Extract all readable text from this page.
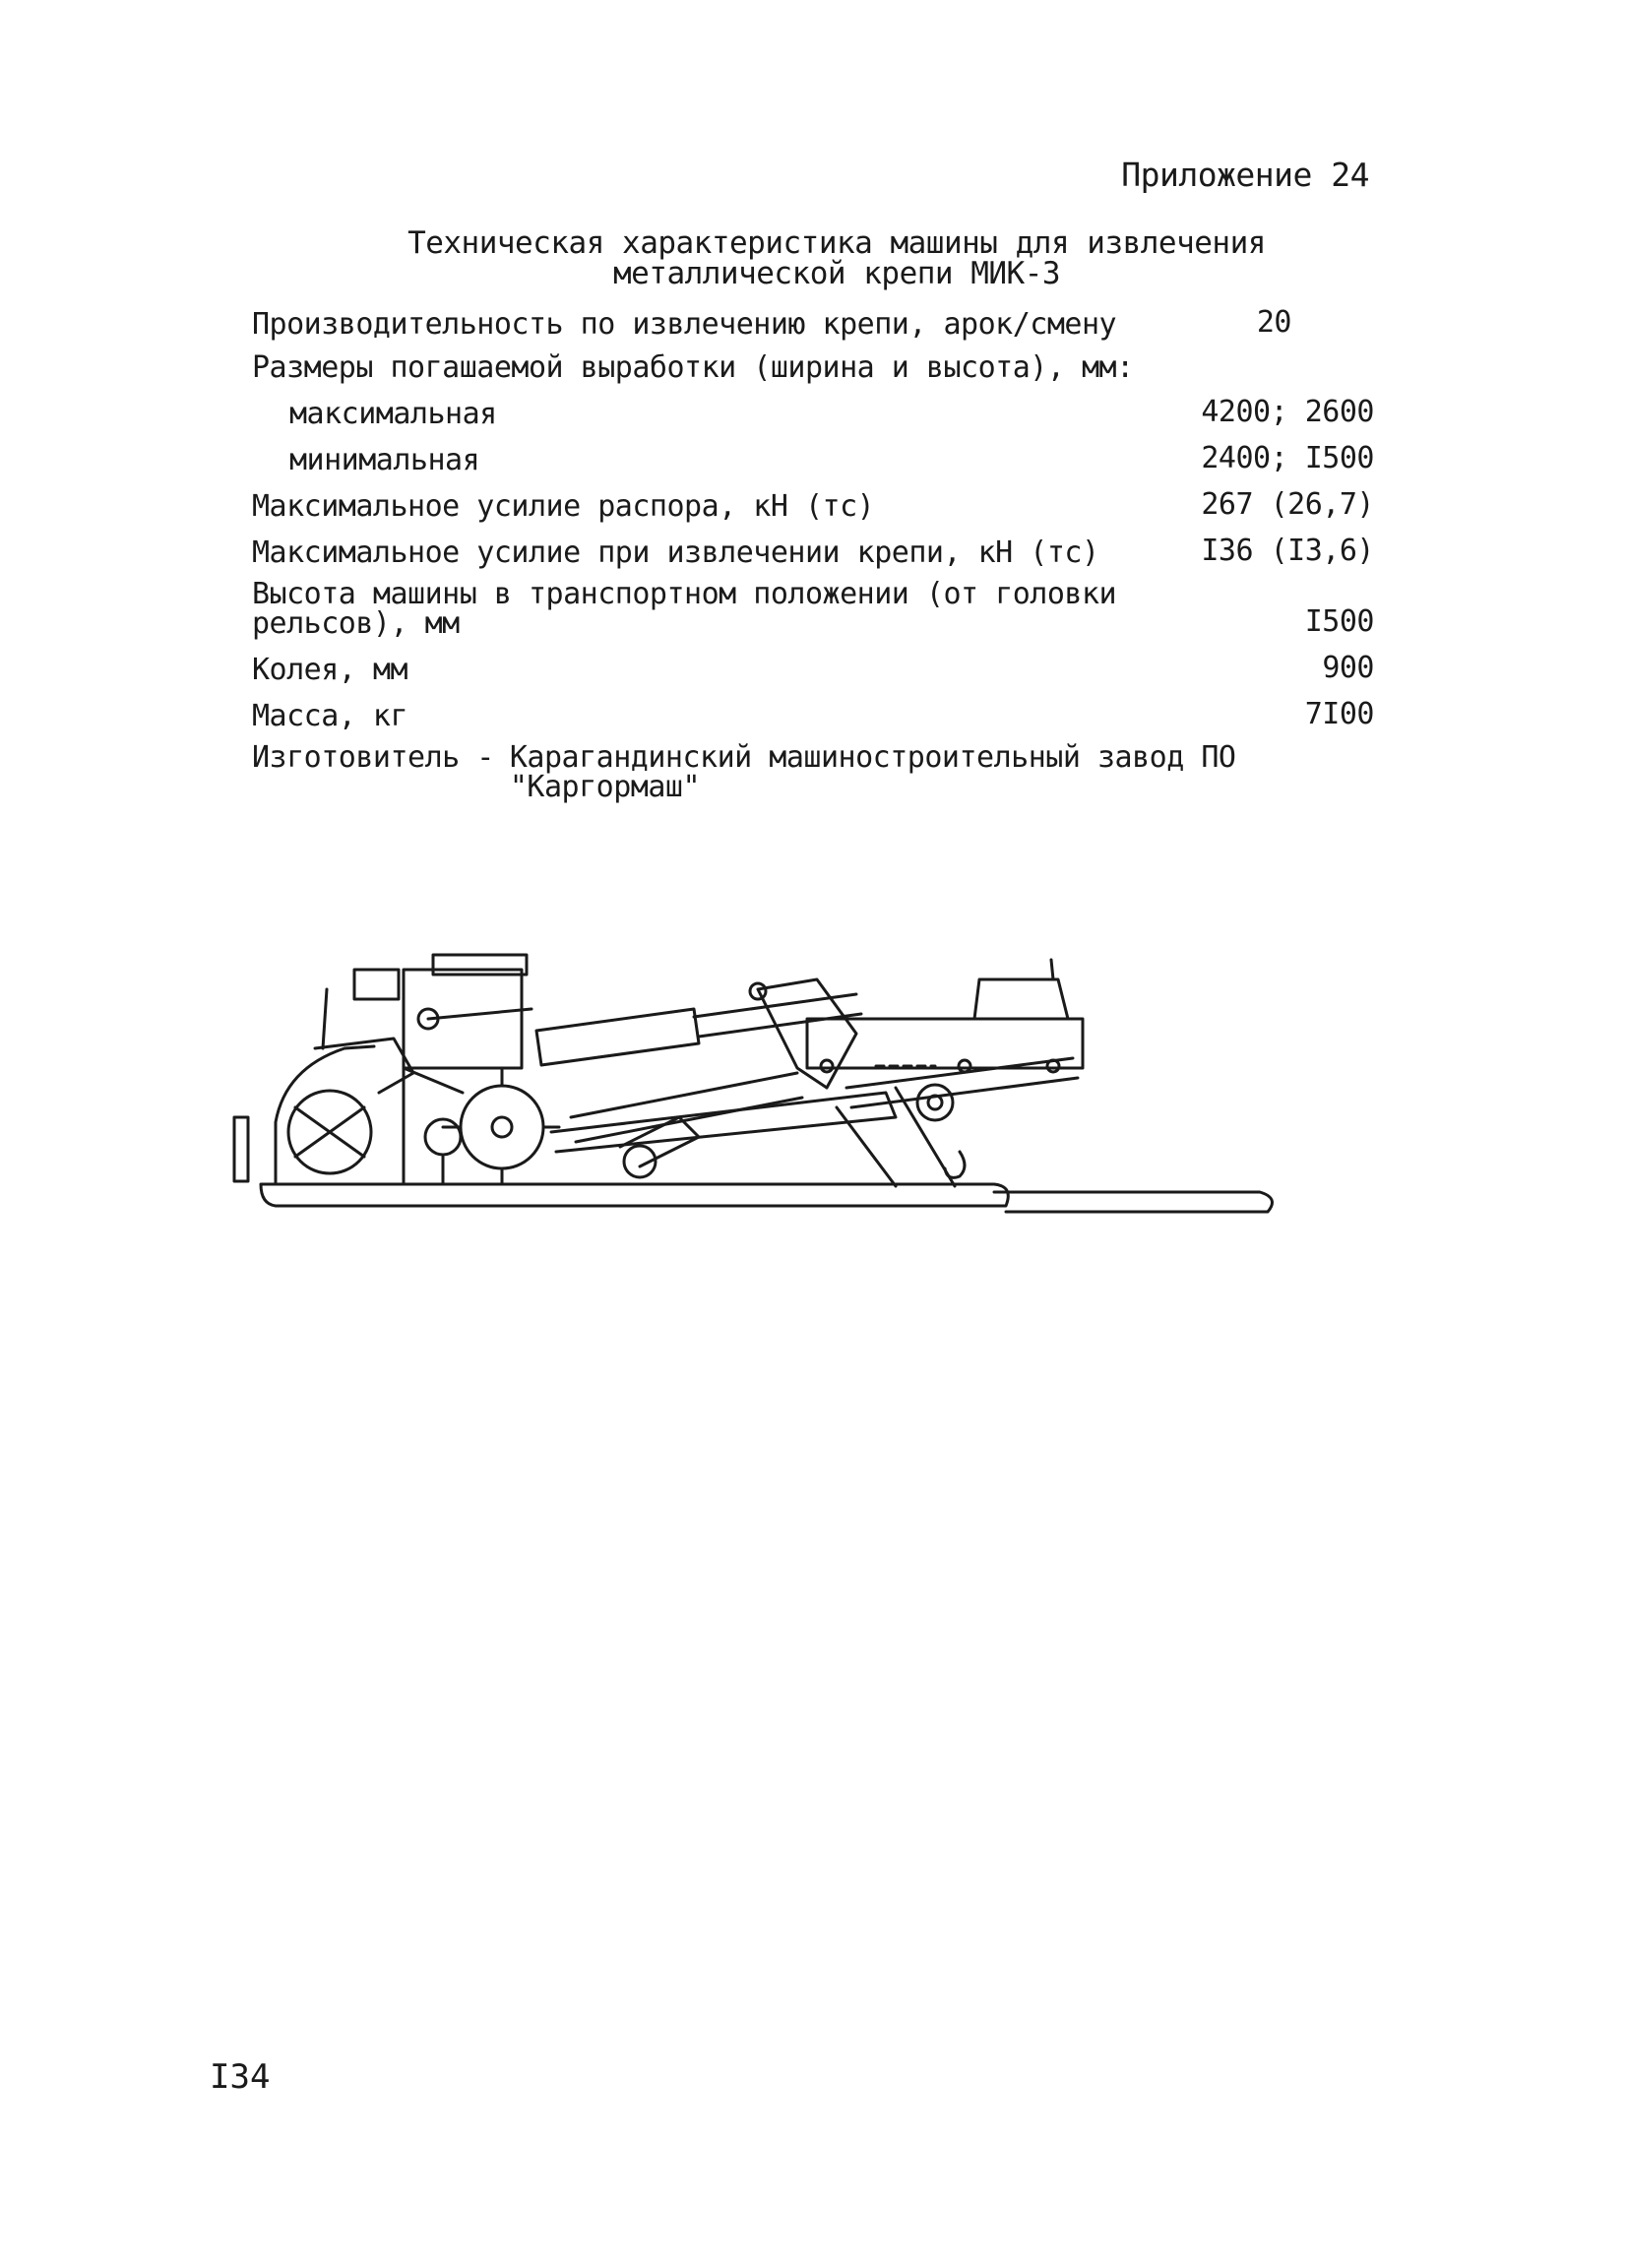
Приложение 24
Техническая характеристика машины для извлечения
металлической крепи МИК-3
Производительность по извлечению крепи, арок/смену	20
Размеры погашаемой выработки (ширина и высота), мм:
максимальная	4200; 2600
минимальная	2400; I500
Максимальное усилие распора, кН (тс)	267 (26,7)
Максимальное усилие при извлечении крепи, кН (тс)	I36 (I3,6)
Высота машины в транспортном положении (от головки рельсов), мм	I500
Колея, мм	900
Масса, кг	7I00
Изготовитель - Карагандинский машиностроительный завод ПО "Каргормаш"
I34
